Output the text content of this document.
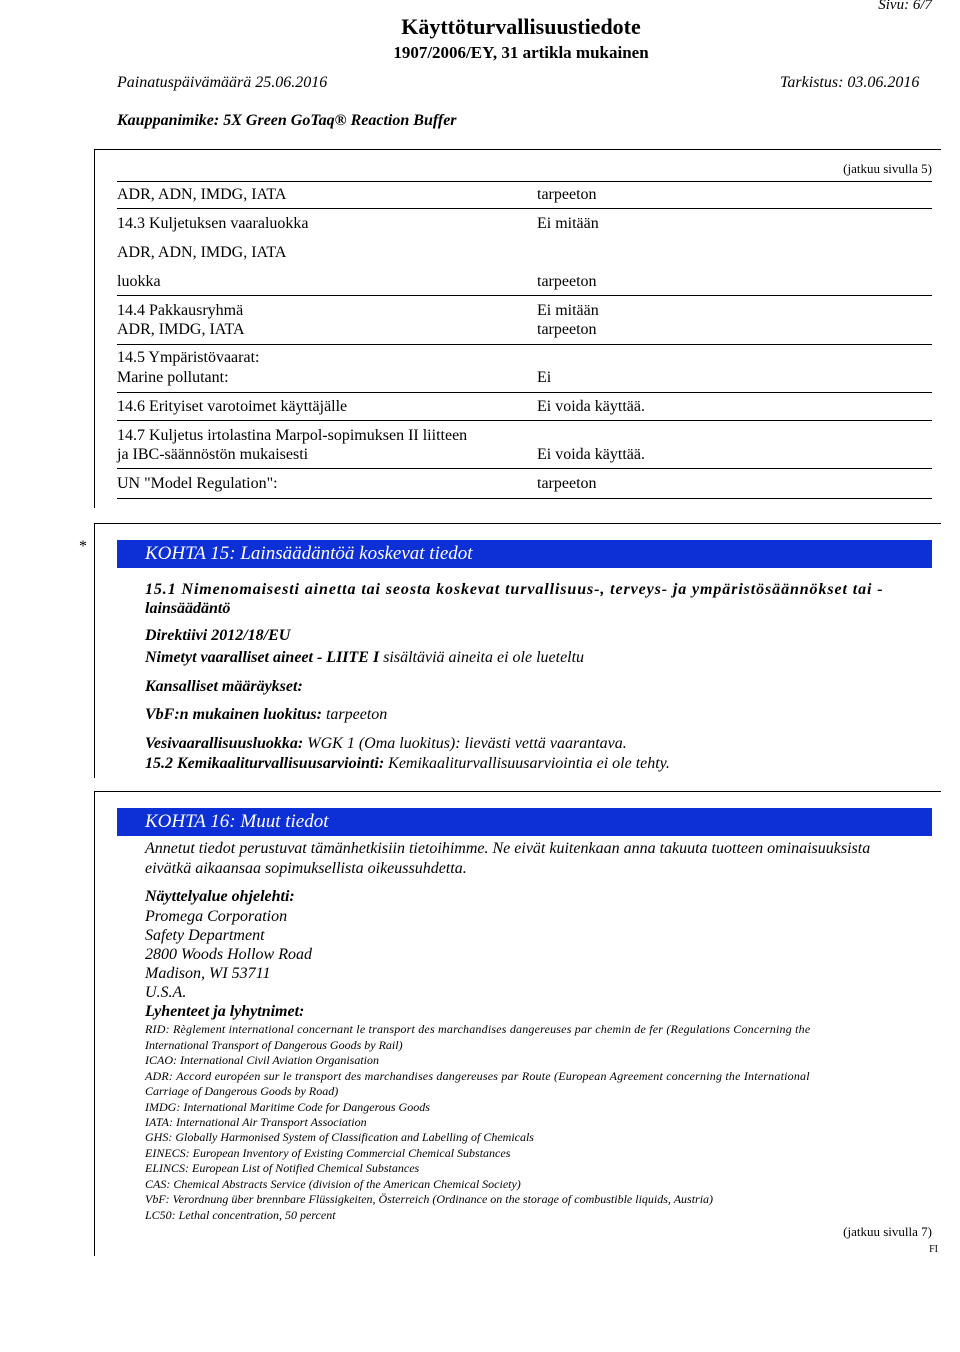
Käyttöturvallisuustiedote
1907/2006/EY, 31 artikla mukainen
Sivu: 6/7
Painatuspäivämäärä 25.06.2016	Tarkistus: 03.06.2016
Kauppanimike: 5X Green GoTaq® Reaction Buffer
(jatkuu sivulla 5)
ADR, ADN, IMDG, IATA	tarpeeton
14.3 Kuljetuksen vaaraluokka	Ei mitään
ADR, ADN, IMDG, IATA
luokka	tarpeeton
14.4 Pakkausryhmä	Ei mitään
ADR, IMDG, IATA	tarpeeton
14.5 Ympäristövaarat:
Marine pollutant:	Ei
14.6 Erityiset varotoimet käyttäjälle	Ei voida käyttää.
14.7 Kuljetus irtolastina Marpol-sopimuksen II liitteen
ja IBC-säännöstön mukaisesti	Ei voida käyttää.
UN "Model Regulation":	tarpeeton
*	KOHTA 15: Lainsäädäntöä koskevat tiedot
15.1 Nimenomaisesti ainetta tai seosta koskevat turvallisuus-, terveys- ja ympäristösäännökset tai -
lainsäädäntö
Direktiivi 2012/18/EU
Nimetyt vaaralliset aineet - LIITE I sisältäviä aineita ei ole lueteltu
Kansalliset määräykset:
VbF:n mukainen luokitus: tarpeeton
Vesivaarallisuusluokka: WGK 1 (Oma luokitus): lievästi vettä vaarantava.
15.2 Kemikaaliturvallisuusarviointi: Kemikaaliturvallisuusarviointia ei ole tehty.
KOHTA 16: Muut tiedot
Annetut tiedot perustuvat tämänhetkisiin tietoihimme. Ne eivät kuitenkaan anna takuuta tuotteen ominaisuuksista
eivätkä aikaansaa sopimuksellista oikeussuhdetta.
Näyttelyalue ohjelehti:
Promega Corporation
Safety Department
2800 Woods Hollow Road
Madison, WI 53711
U.S.A.
Lyhenteet ja lyhytnimet:
RID: Règlement international concernant le transport des marchandises dangereuses par chemin de fer (Regulations Concerning the
International Transport of Dangerous Goods by Rail)
ICAO: International Civil Aviation Organisation
ADR: Accord européen sur le transport des marchandises dangereuses par Route (European Agreement concerning the International
Carriage of Dangerous Goods by Road)
IMDG: International Maritime Code for Dangerous Goods
IATA: International Air Transport Association
GHS: Globally Harmonised System of Classification and Labelling of Chemicals
EINECS: European Inventory of Existing Commercial Chemical Substances
ELINCS: European List of Notified Chemical Substances
CAS: Chemical Abstracts Service (division of the American Chemical Society)
VbF: Verordnung über brennbare Flüssigkeiten, Österreich (Ordinance on the storage of combustible liquids, Austria)
LC50: Lethal concentration, 50 percent
(jatkuu sivulla 7)
FI
